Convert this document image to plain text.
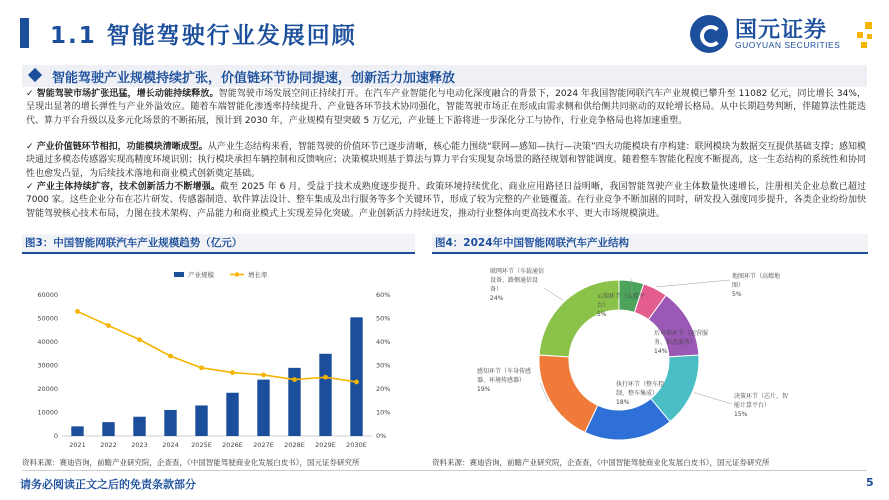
1.1 智能驾驶行业发展回顾	国元证券
GUOYUAN SECURITIES
智能驾驶产业规模持续扩张，价值链环节协同提速，创新活力加速释放
✓ 智能驾驶市场扩张迅猛，增长动能持续释放。智能驾驶市场发展空间正持续打开。在汽车产业智能化与电动化深度融合的背景下，2024 年我国智能网联汽车产业规模已攀升至 11082 亿元，同比增长 34%，呈现出显著的增长弹性与产业外溢效应。随着车端智能化渗透率持续提升、产业链各环节技术协同强化，智能驾驶市场正在形成由需求侧和供给侧共同驱动的双轮增长格局。从中长期趋势判断，伴随算法性能迭代、算力平台升级以及多元化场景的不断拓展，预计到 2030 年，产业规模有望突破 5 万亿元，产业链上下游将进一步深化分工与协作，行业竞争格局也将加速重塑。
✓ 产业价值链环节相扣，功能模块清晰成型。从产业生态结构来看，智能驾驶的价值环节已逐步清晰，核心能力围绕“联网—感知—执行—决策”四大功能模块有序构建：联网模块为数据交互提供基础支撑；感知模块通过多模态传感器实现高精度环境识别；执行模块承担车辆控制和反馈响应；决策模块则基于算法与算力平台实现复杂场景的路径规划和智能调度。随着整车智能化程度不断提高，这一生态结构的系统性和协同性也愈发凸显，为后续技术落地和商业模式创新奠定基础。
✓ 产业主体持续扩容，技术创新活力不断增强。截至 2025 年 6 月，受益于技术成熟度逐步提升、政策环境持续优化、商业应用路径日益明晰，我国智能驾驶产业主体数量快速增长，注册相关企业总数已超过 7000 家。这些企业分布在芯片研发、传感器制造、软件算法设计、整车集成及出行服务等多个关键环节，形成了较为完整的产业链覆盖。在行业竞争不断加剧的同时，研发投入强度同步提升，各类企业纷纷加快智能驾驶核心技术布局，力图在技术架构、产品能力和商业模式上实现差异化突破。产业创新活力持续迸发，推动行业整体向更高技术水平、更大市场规模演进。
图3：中国智能网联汽车产业规模趋势（亿元）	图4：2024年中国智能网联汽车产业结构
0
10000
20000
30000
40000
50000
60000
0%
10%
20%
30%
40%
50%
60%
2021 2022 2023 2024 2025E 2026E 2027E 2028E 2029E 2030E
产业规模	增长率
云端环节（云控平
台）
5%
地图环节（高精地
图）
5%
后市场环节（运营服
务、信息服务）
14%
决策环节（芯片、智
能计算平台）
15%
执行环节（整车控
制、整车集成）
18%
感知环节（车身传感
器、环境传感器）
19%
联网环节（车载通信
设备、路侧通信设
备）
24%
资料来源：赛迪咨询，前瞻产业研究院，企查查，《中国智能驾驶商业化发展白皮书》，国元证券研究所	资料来源：赛迪咨询，前瞻产业研究院，企查查，《中国智能驾驶商业化发展白皮书》，国元证券研究所
请务必阅读正文之后的免责条款部分	5
